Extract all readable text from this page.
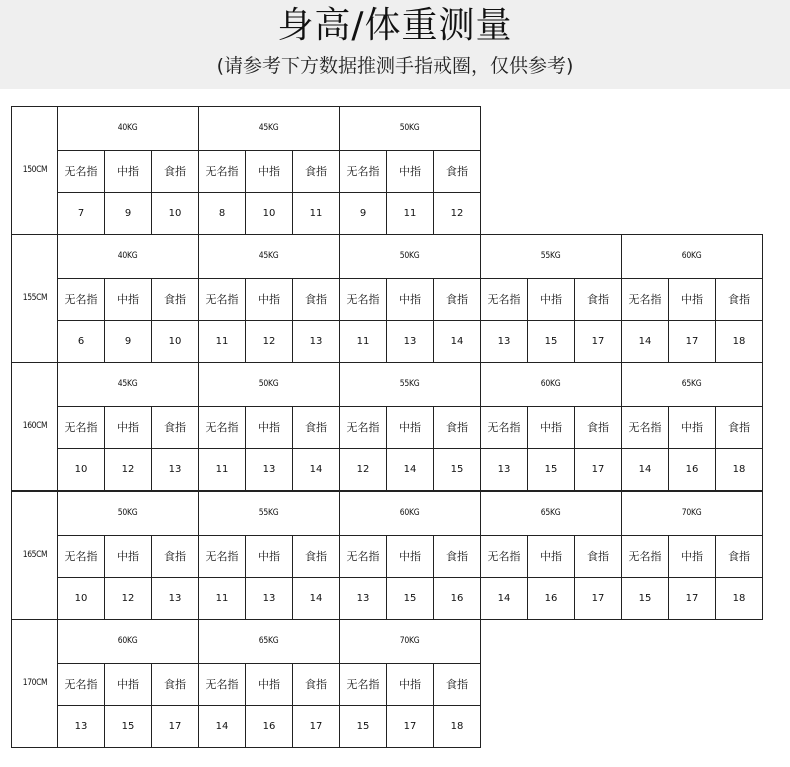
身高/体重测量
(请参考下方数据推测手指戒圈，仅供参考)
150CM	40KG			45KG			50KG		
	无名指	中指	食指	无名指	中指	食指	无名指	中指	食指
	7	9	10	8	10	11	9	11	12
155CM	40KG			45KG			50KG			55KG			60KG		
	无名指	中指	食指	无名指	中指	食指	无名指	中指	食指	无名指	中指	食指	无名指	中指	食指
	6	9	10	11	12	13	11	13	14	13	15	17	14	17	18
160CM	45KG			50KG			55KG			60KG			65KG		
	无名指	中指	食指	无名指	中指	食指	无名指	中指	食指	无名指	中指	食指	无名指	中指	食指
	10	12	13	11	13	14	12	14	15	13	15	17	14	16	18
165CM	50KG			55KG			60KG			65KG			70KG		
	无名指	中指	食指	无名指	中指	食指	无名指	中指	食指	无名指	中指	食指	无名指	中指	食指
	10	12	13	11	13	14	13	15	16	14	16	17	15	17	18
170CM	60KG			65KG			70KG		
	无名指	中指	食指	无名指	中指	食指	无名指	中指	食指
	13	15	17	14	16	17	15	17	18
